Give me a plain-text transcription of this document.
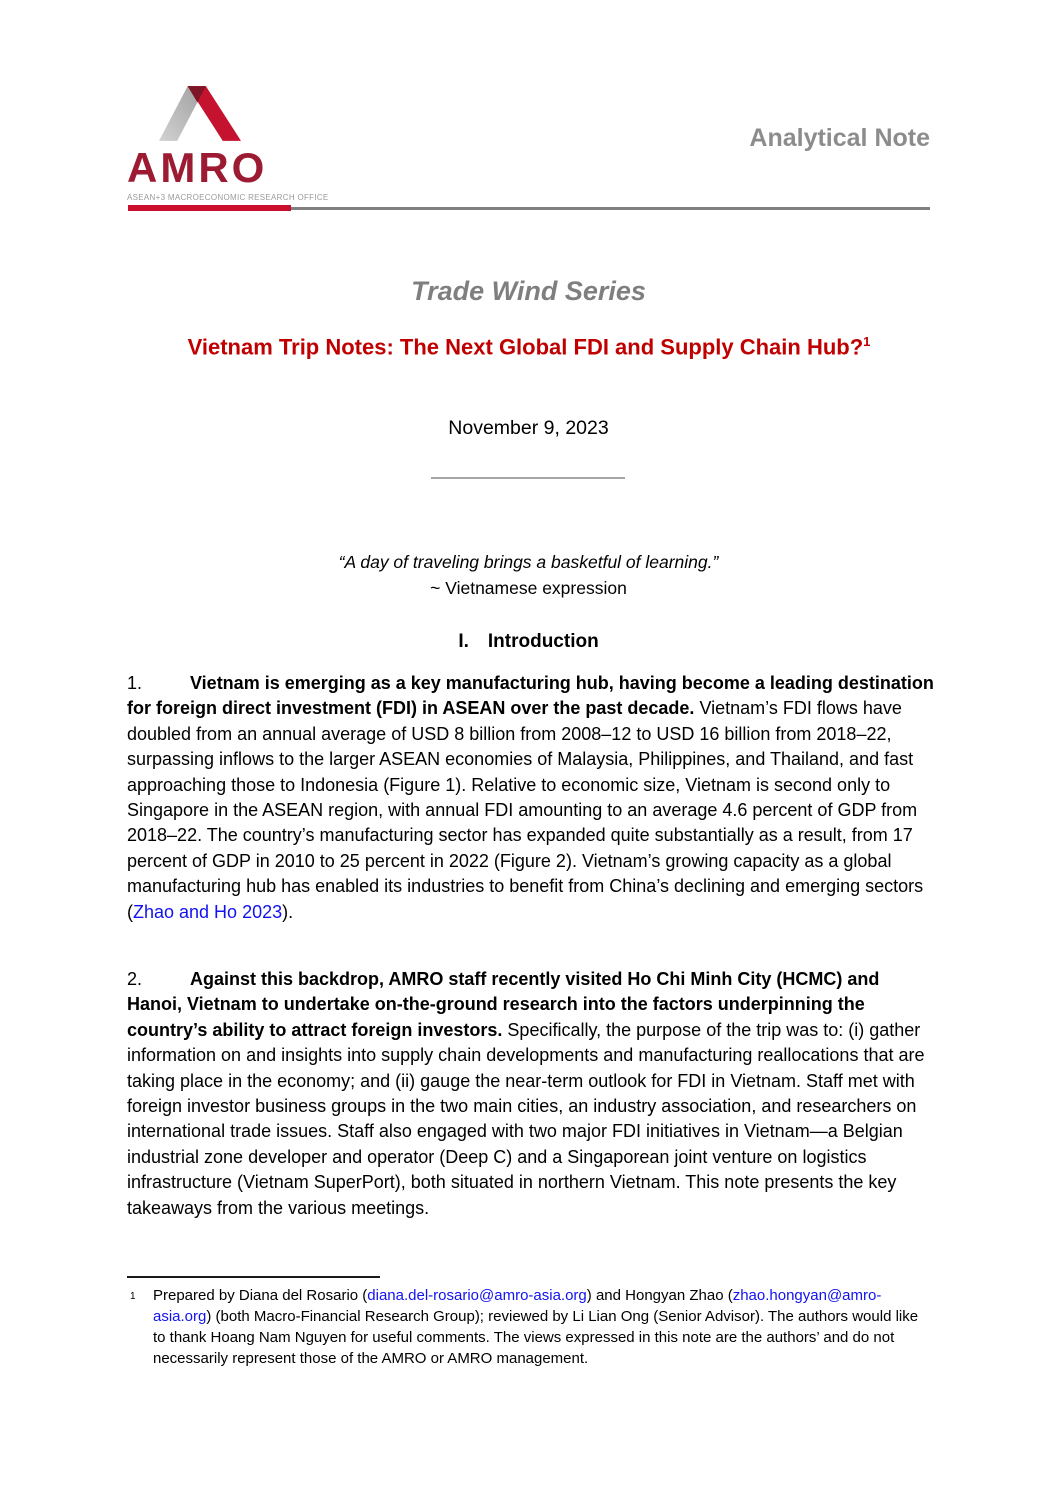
AMRO
ASEAN+3 MACROECONOMIC RESEARCH OFFICE
Analytical Note
Trade Wind Series
Vietnam Trip Notes: The Next Global FDI and Supply Chain Hub?$^1$
November 9, 2023
“A day of traveling brings a basketful of learning.”
~ Vietnamese expression
I. Introduction

1.	Vietnam is emerging as a key manufacturing hub, having become a leading destination for foreign direct investment (FDI) in ASEAN over the past decade. Vietnam’s FDI flows have doubled from an annual average of USD 8 billion from 2008–12 to USD 16 billion from 2018–22, surpassing inflows to the larger ASEAN economies of Malaysia, Philippines, and Thailand, and fast approaching those to Indonesia (Figure 1). Relative to economic size, Vietnam is second only to Singapore in the ASEAN region, with annual FDI amounting to an average 4.6 percent of GDP from 2018–22. The country’s manufacturing sector has expanded quite substantially as a result, from 17 percent of GDP in 2010 to 25 percent in 2022 (Figure 2). Vietnam’s growing capacity as a global manufacturing hub has enabled its industries to benefit from China’s declining and emerging sectors (Zhao and Ho 2023).

2.	Against this backdrop, AMRO staff recently visited Ho Chi Minh City (HCMC) and Hanoi, Vietnam to undertake on-the-ground research into the factors underpinning the country’s ability to attract foreign investors. Specifically, the purpose of the trip was to: (i) gather information on and insights into supply chain developments and manufacturing reallocations that are taking place in the economy; and (ii) gauge the near-term outlook for FDI in Vietnam. Staff met with foreign investor business groups in the two main cities, an industry association, and researchers on international trade issues. Staff also engaged with two major FDI initiatives in Vietnam—a Belgian industrial zone developer and operator (Deep C) and a Singaporean joint venture on logistics infrastructure (Vietnam SuperPort), both situated in northern Vietnam. This note presents the key takeaways from the various meetings.

1 Prepared by Diana del Rosario (diana.del-rosario@amro-asia.org) and Hongyan Zhao (zhao.hongyan@amro-asia.org) (both Macro-Financial Research Group); reviewed by Li Lian Ong (Senior Advisor). The authors would like to thank Hoang Nam Nguyen for useful comments. The views expressed in this note are the authors’ and do not necessarily represent those of the AMRO or AMRO management.
